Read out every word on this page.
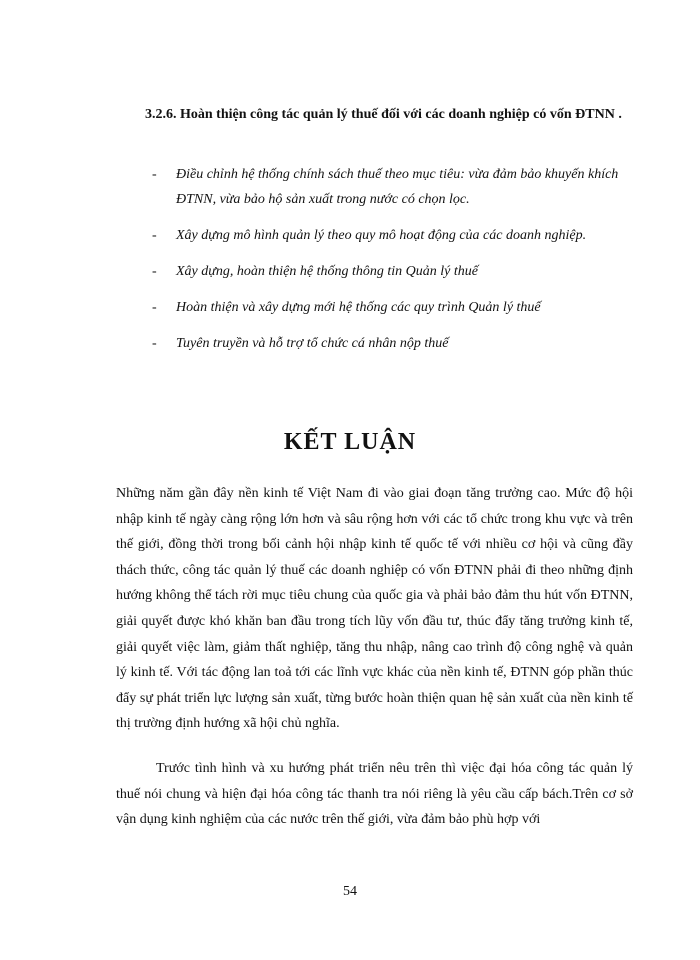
3.2.6. Hoàn thiện công tác quản lý thuế đối với các doanh nghiệp có vốn ĐTNN .
- Điều chỉnh hệ thống chính sách thuế theo mục tiêu: vừa đảm bảo khuyến khích ĐTNN, vừa bảo hộ sản xuất trong nước có chọn lọc.
- Xây dựng mô hình quản lý theo quy mô hoạt động của các doanh nghiệp.
- Xây dựng, hoàn thiện hệ thống thông tin Quản lý thuế
- Hoàn thiện và xây dựng mới hệ thống các quy trình Quản lý thuế
- Tuyên truyền và hỗ trợ tổ chức cá nhân nộp thuế
KẾT LUẬN

Những năm gần đây nền kinh tế Việt Nam đi vào giai đoạn tăng trưởng cao. Mức độ hội nhập kinh tế ngày càng rộng lớn hơn và sâu rộng hơn với các tổ chức trong khu vực và trên thế giới, đồng thời trong bối cảnh hội nhập kinh tế quốc tế với nhiều cơ hội và cũng đầy thách thức, công tác quản lý thuế các doanh nghiệp có vốn ĐTNN phải đi theo những định hướng không thể tách rời mục tiêu chung của quốc gia và phải bảo đảm thu hút vốn ĐTNN, giải quyết được khó khăn ban đầu trong tích lũy vốn đầu tư, thúc đẩy tăng trưởng kinh tế, giải quyết việc làm, giảm thất nghiệp, tăng thu nhập, nâng cao trình độ công nghệ và quản lý kinh tế. Với tác động lan toả tới các lĩnh vực khác của nền kinh tế, ĐTNN góp phần thúc đẩy sự phát triển lực lượng sản xuất, từng bước hoàn thiện quan hệ sản xuất của nền kinh tế thị trường định hướng xã hội chủ nghĩa.

Trước tình hình và xu hướng phát triển nêu trên thì việc đại hóa công tác quản lý thuế nói chung và hiện đại hóa công tác thanh tra nói riêng là yêu cầu cấp bách.Trên cơ sở vận dụng kinh nghiệm của các nước trên thế giới, vừa đảm bảo phù hợp với

54
